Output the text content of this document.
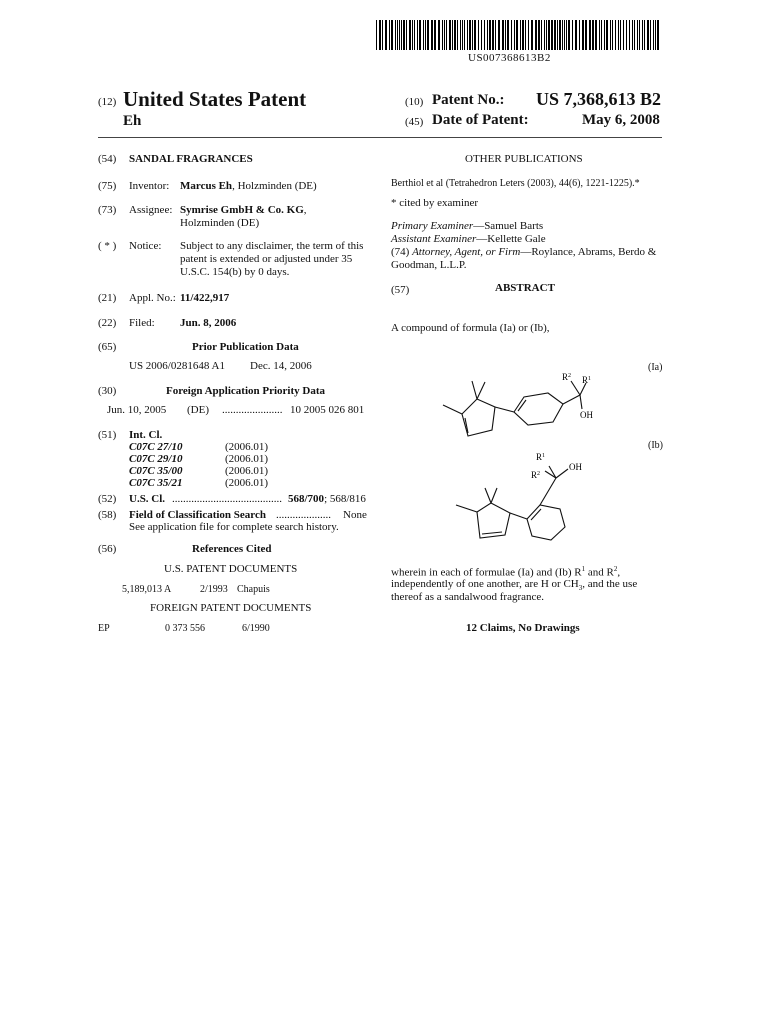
US007368613B2
(12) United States Patent
Eh
(10) Patent No.: US 7,368,613 B2
(45) Date of Patent:	May 6, 2008
(54) SANDAL FRAGRANCES
(75) Inventor: Marcus Eh, Holzminden (DE)
(73) Assignee: Symrise GmbH & Co. KG,
Holzminden (DE)
( * ) Notice: Subject to any disclaimer, the term of this
patent is extended or adjusted under 35
U.S.C. 154(b) by 0 days.
(21) Appl. No.: 11/422,917
(22) Filed: Jun. 8, 2006
(65)	Prior Publication Data
US 2006/0281648 A1 Dec. 14, 2006
(30)	Foreign Application Priority Data
Jun. 10, 2005 (DE) ...................... 10 2005 026 801
(51) Int. Cl.
C07C 27/10	(2006.01)
C07C 29/10	(2006.01)
C07C 35/00	(2006.01)
C07C 35/21	(2006.01)
(52) U.S. Cl. ........................................ 568/700; 568/816
(58) Field of Classification Search .................... None
See application file for complete search history.
(56)	References Cited
U.S. PATENT DOCUMENTS
5,189,013 A	2/1993 Chapuis
FOREIGN PATENT DOCUMENTS
EP	0 373 556	6/1990
OTHER PUBLICATIONS
Berthiol et al (Tetrahedron Leters (2003), 44(6), 1221-1225).*
* cited by examiner
Primary Examiner—Samuel Barts
Assistant Examiner—Kellette Gale
(74) Attorney, Agent, or Firm—Roylance, Abrams, Berdo &
Goodman, L.L.P.
(57)	ABSTRACT
A compound of formula (Ia) or (Ib),
(Ia)
(Ib)
$R^2$ $R^1$
OH
$R^1$
$R^2$
OH
wherein in each of formulae (Ia) and (Ib) $R^1$ and $R^2$,
independently of one another, are H or $CH_3$, and the use
thereof as a sandalwood fragrance.
12 Claims, No Drawings
